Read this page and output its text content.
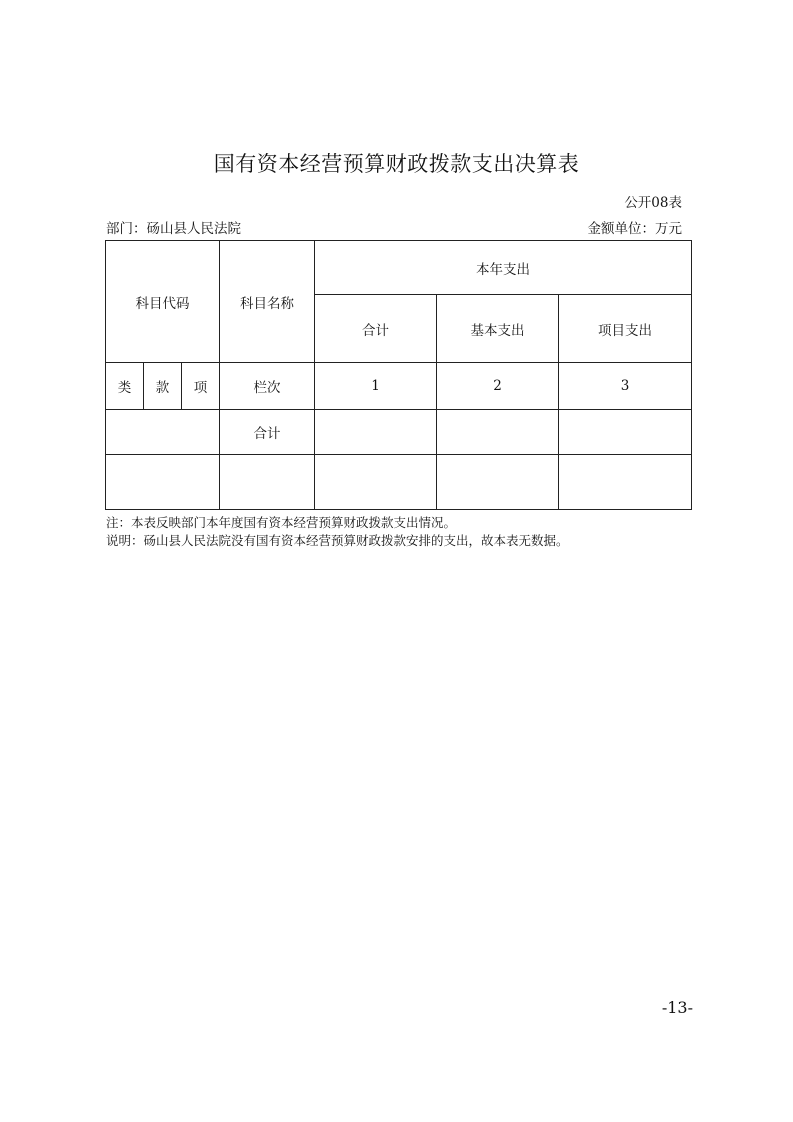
国有资本经营预算财政拨款支出决算表
公开08表
部门：砀山县人民法院	金额单位：万元
科目代码			科目名称	本年支出		
				合计	基本支出	项目支出
类	款	项	栏次	1	2	3
			合计			

注：本表反映部门本年度国有资本经营预算财政拨款支出情况。
说明：砀山县人民法院没有国有资本经营预算财政拨款安排的支出，故本表无数据。
-13-
